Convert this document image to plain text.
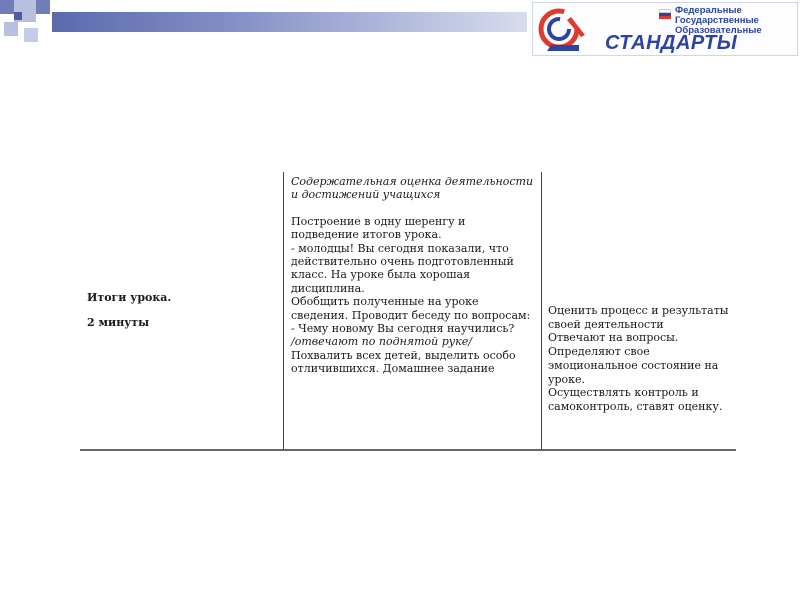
Федеральные
Государственные
Образовательные
СТАНДАРТЫ
Итоги урока.
2 минуты
Содержательная оценка деятельности и достижений учащихся
Построение в одну шеренгу и подведение итогов урока.
- молодцы! Вы сегодня показали, что действительно очень подготовленный класс. На уроке была хорошая дисциплина.
Обобщить полученные на уроке сведения. Проводит беседу по вопросам:
- Чему новому Вы сегодня научились?
/отвечают по поднятой руке/
Похвалить всех детей, выделить особо отличившихся. Домашнее задание
Оценить процесс и результаты своей деятельности
Отвечают на вопросы.
Определяют свое эмоциональное состояние на уроке.
Осуществлять контроль и самоконтроль, ставят оценку.
